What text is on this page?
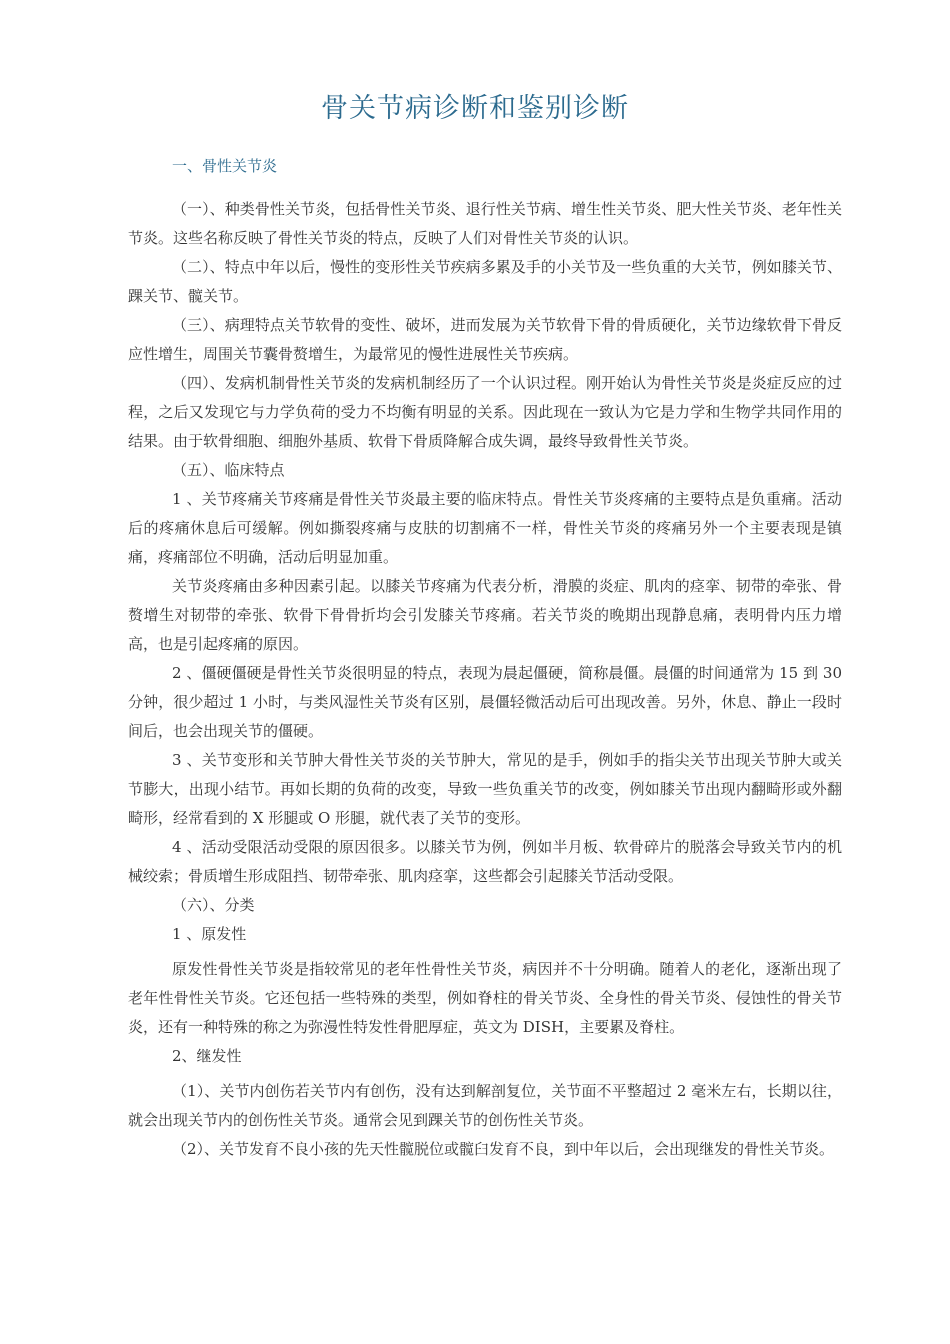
骨关节病诊断和鉴别诊断
一、骨性关节炎

（一）、种类骨性关节炎，包括骨性关节炎、退行性关节病、增生性关节炎、肥大性关节炎、老年性关节炎。这些名称反映了骨性关节炎的特点，反映了人们对骨性关节炎的认识。

（二）、特点中年以后，慢性的变形性关节疾病多累及手的小关节及一些负重的大关节，例如膝关节、踝关节、髋关节。

（三）、病理特点关节软骨的变性、破坏，进而发展为关节软骨下骨的骨质硬化，关节边缘软骨下骨反应性增生，周围关节囊骨赘增生，为最常见的慢性进展性关节疾病。

（四）、发病机制骨性关节炎的发病机制经历了一个认识过程。刚开始认为骨性关节炎是炎症反应的过程，之后又发现它与力学负荷的受力不均衡有明显的关系。因此现在一致认为它是力学和生物学共同作用的结果。由于软骨细胞、细胞外基质、软骨下骨质降解合成失调，最终导致骨性关节炎。

（五）、临床特点

1 、关节疼痛关节疼痛是骨性关节炎最主要的临床特点。骨性关节炎疼痛的主要特点是负重痛。活动后的疼痛休息后可缓解。例如撕裂疼痛与皮肤的切割痛不一样，骨性关节炎的疼痛另外一个主要表现是镇痛，疼痛部位不明确，活动后明显加重。

关节炎疼痛由多种因素引起。以膝关节疼痛为代表分析，滑膜的炎症、肌肉的痉挛、韧带的牵张、骨赘增生对韧带的牵张、软骨下骨骨折均会引发膝关节疼痛。若关节炎的晚期出现静息痛，表明骨内压力增高，也是引起疼痛的原因。

2 、僵硬僵硬是骨性关节炎很明显的特点，表现为晨起僵硬，简称晨僵。晨僵的时间通常为 15 到 30 分钟，很少超过 1 小时，与类风湿性关节炎有区别，晨僵轻微活动后可出现改善。另外，休息、静止一段时间后，也会出现关节的僵硬。

3 、关节变形和关节肿大骨性关节炎的关节肿大，常见的是手，例如手的指尖关节出现关节肿大或关节膨大，出现小结节。再如长期的负荷的改变，导致一些负重关节的改变，例如膝关节出现内翻畸形或外翻畸形，经常看到的 X 形腿或 O 形腿，就代表了关节的变形。

4 、活动受限活动受限的原因很多。以膝关节为例，例如半月板、软骨碎片的脱落会导致关节内的机械绞索；骨质增生形成阻挡、韧带牵张、肌肉痉挛，这些都会引起膝关节活动受限。

（六）、分类

1 、原发性

原发性骨性关节炎是指较常见的老年性骨性关节炎，病因并不十分明确。随着人的老化，逐渐出现了老年性骨性关节炎。它还包括一些特殊的类型，例如脊柱的骨关节炎、全身性的骨关节炎、侵蚀性的骨关节炎，还有一种特殊的称之为弥漫性特发性骨肥厚症，英文为 DISH，主要累及脊柱。

2、继发性

（1）、关节内创伤若关节内有创伤，没有达到解剖复位，关节面不平整超过 2 毫米左右，长期以往，就会出现关节内的创伤性关节炎。通常会见到踝关节的创伤性关节炎。

（2）、关节发育不良小孩的先天性髋脱位或髋臼发育不良，到中年以后，会出现继发的骨性关节炎。
